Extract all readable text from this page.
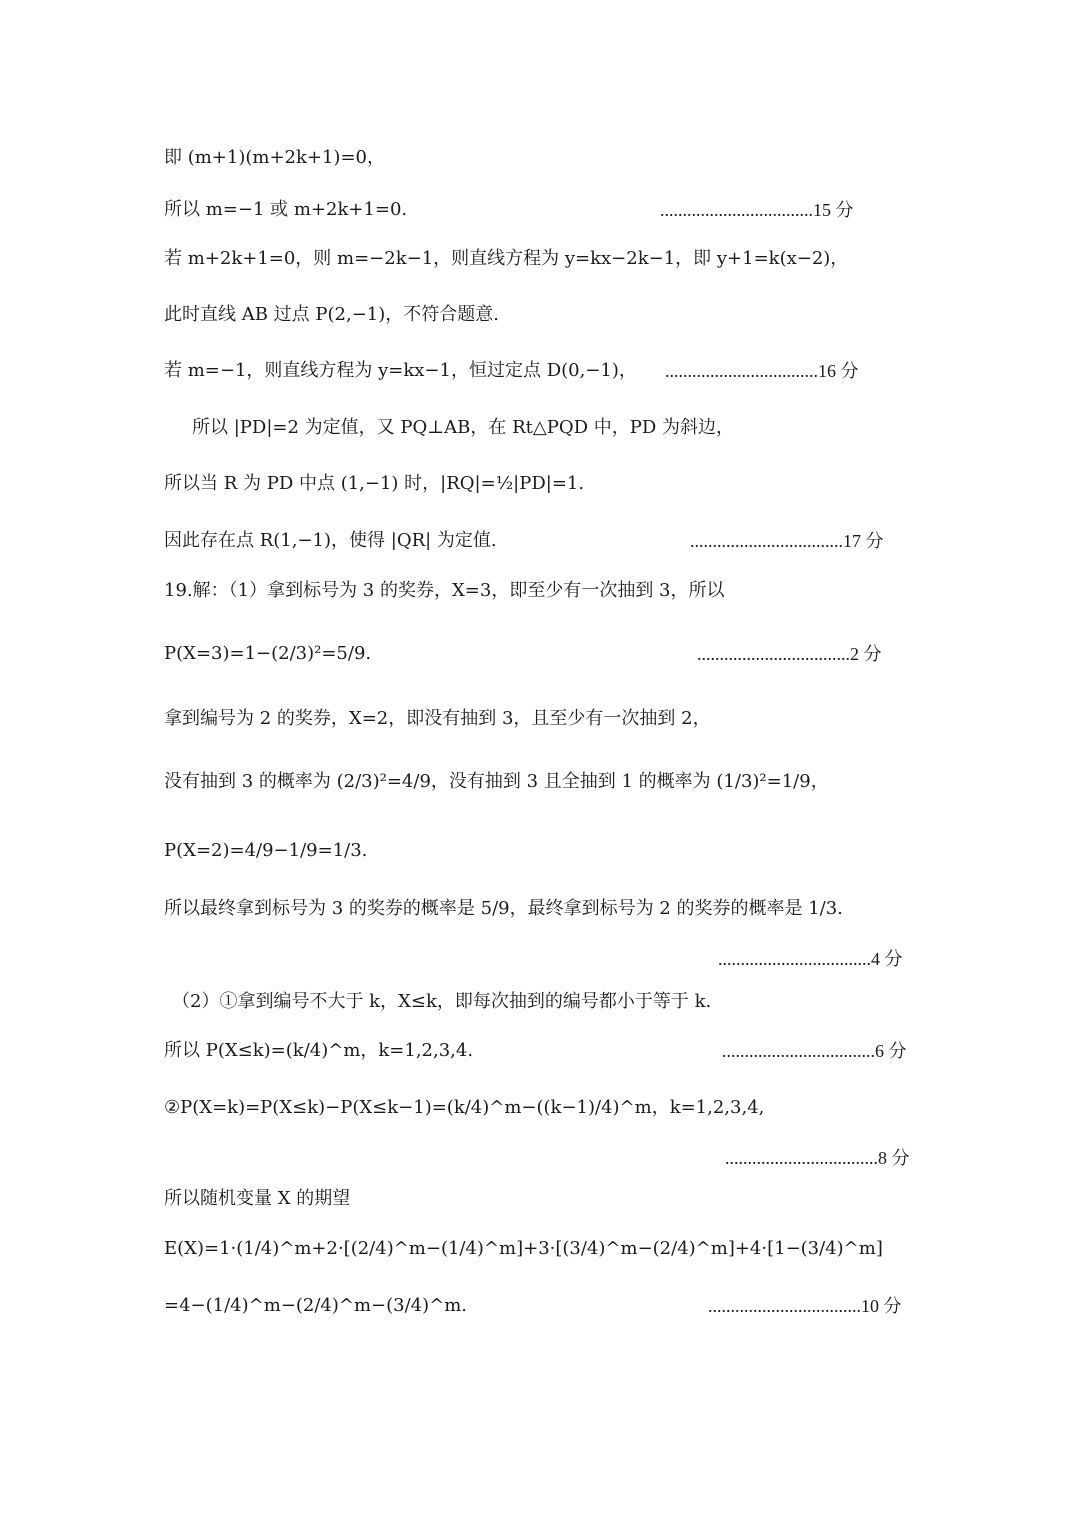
即 (m+1)(m+2k+1)=0，
所以 m=−1 或 m+2k+1=0.	..................................15 分
若 m+2k+1=0，则 m=−2k−1，则直线方程为 y=kx−2k−1，即 y+1=k(x−2)，
此时直线 AB 过点 P(2,−1)，不符合题意.
若 m=−1，则直线方程为 y=kx−1，恒过定点 D(0,−1)， ..................................16 分
所以 |PD|=2 为定值，又 PQ⊥AB，在 Rt△PQD 中，PD 为斜边，
所以当 R 为 PD 中点 (1,−1) 时，|RQ|=½|PD|=1.
因此存在点 R(1,−1)，使得 |QR| 为定值.	..................................17 分
19.解：（1）拿到标号为 3 的奖券，X=3，即至少有一次抽到 3，所以
P(X=3)=1−(2/3)²=5/9.	..................................2 分
拿到编号为 2 的奖券，X=2，即没有抽到 3，且至少有一次抽到 2，
没有抽到 3 的概率为 (2/3)²=4/9，没有抽到 3 且全抽到 1 的概率为 (1/3)²=1/9，
P(X=2)=4/9−1/9=1/3.
所以最终拿到标号为 3 的奖券的概率是 5/9，最终拿到标号为 2 的奖券的概率是 1/3.
..................................4 分
（2）①拿到编号不大于 k，X≤k，即每次抽到的编号都小于等于 k.
所以 P(X≤k)=(k/4)^m，k=1,2,3,4.	..................................6 分
②P(X=k)=P(X≤k)−P(X≤k−1)=(k/4)^m−((k−1)/4)^m，k=1,2,3,4,
..................................8 分
所以随机变量 X 的期望
E(X)=1·(1/4)^m+2·[(2/4)^m−(1/4)^m]+3·[(3/4)^m−(2/4)^m]+4·[1−(3/4)^m]
=4−(1/4)^m−(2/4)^m−(3/4)^m.	..................................10 分
